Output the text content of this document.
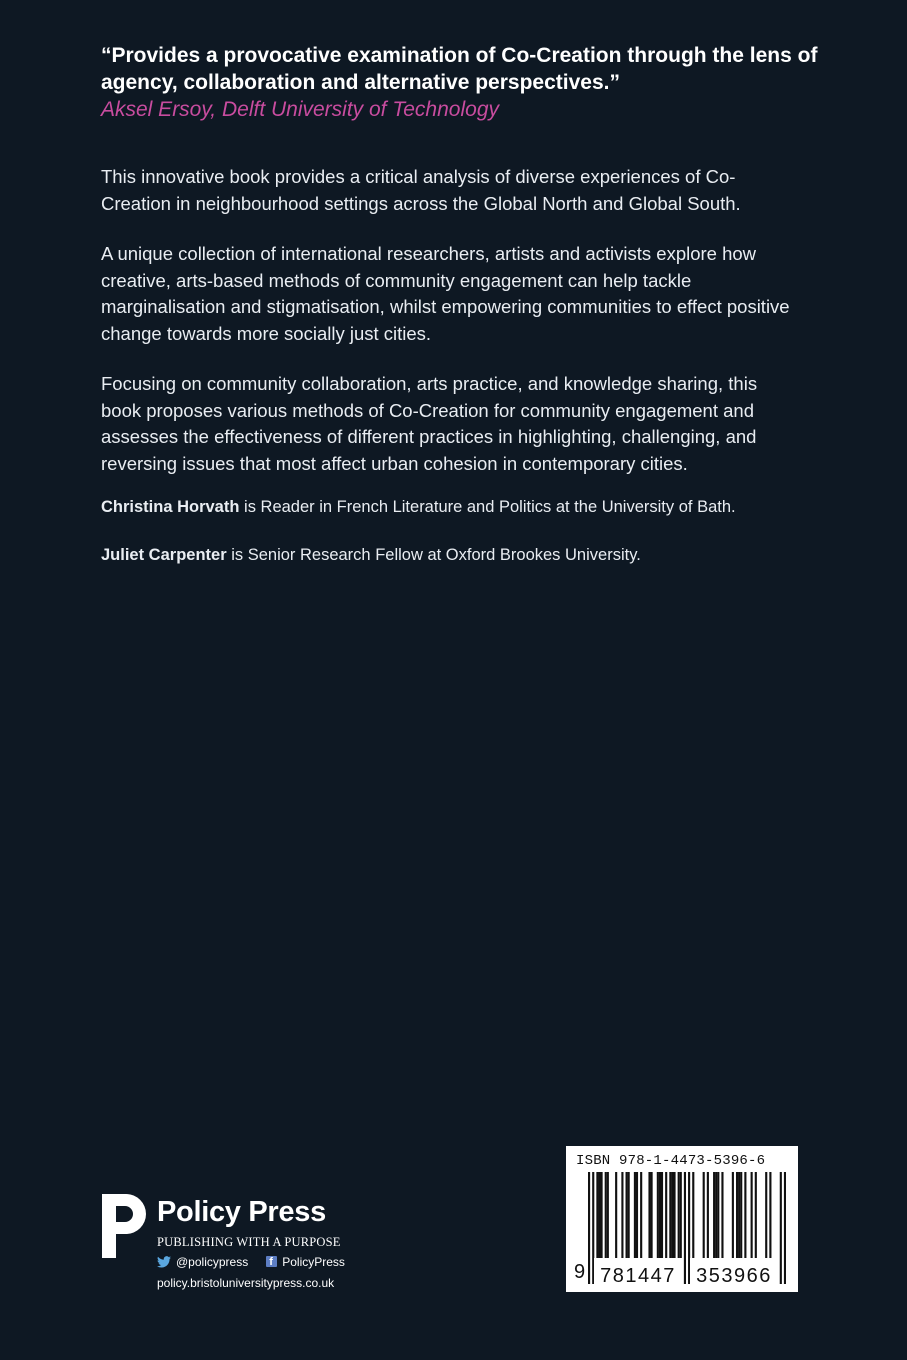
“Provides a provocative examination of Co-Creation through the lens of agency, collaboration and alternative perspectives.”
Aksel Ersoy, Delft University of Technology

This innovative book provides a critical analysis of diverse experiences of Co-Creation in neighbourhood settings across the Global North and Global South.

A unique collection of international researchers, artists and activists explore how creative, arts-based methods of community engagement can help tackle marginalisation and stigmatisation, whilst empowering communities to effect positive change towards more socially just cities.

Focusing on community collaboration, arts practice, and knowledge sharing, this book proposes various methods of Co-Creation for community engagement and assesses the effectiveness of different practices in highlighting, challenging, and reversing issues that most affect urban cohesion in contemporary cities.

Christina Horvath is Reader in French Literature and Politics at the University of Bath.
Juliet Carpenter is Senior Research Fellow at Oxford Brookes University.
Policy Press
PUBLISHING WITH A PURPOSE
@policypressf	PolicyPress
policy.bristoluniversitypress.co.uk
ISBN 978-1-4473-5396-6
9 781447 353966
